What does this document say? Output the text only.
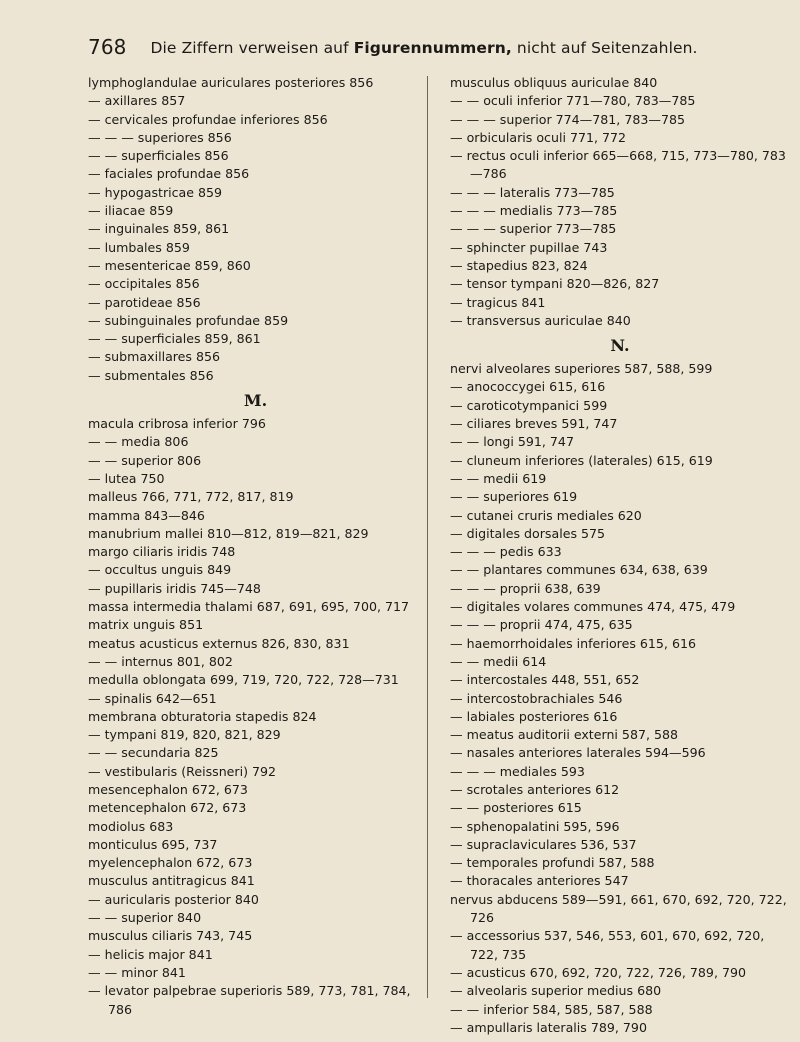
768 Die Ziffern verweisen auf Figurennummern, nicht auf Seitenzahlen.
lymphoglandulae auriculares posteriores 856
— axillares 857
— cervicales profundae inferiores 856
— — — superiores 856
— — superficiales 856
— faciales profundae 856
— hypogastricae 859
— iliacae 859
— inguinales 859, 861
— lumbales 859
— mesentericae 859, 860
— occipitales 856
— parotideae 856
— subinguinales profundae 859
— — superficiales 859, 861
— submaxillares 856
— submentales 856
M.
macula cribrosa inferior 796
— — media 806
— — superior 806
— lutea 750
malleus 766, 771, 772, 817, 819
mamma 843—846
manubrium mallei 810—812, 819—821, 829
margo ciliaris iridis 748
— occultus unguis 849
— pupillaris iridis 745—748
massa intermedia thalami 687, 691, 695, 700, 717
matrix unguis 851
meatus acusticus externus 826, 830, 831
— — internus 801, 802
medulla oblongata 699, 719, 720, 722, 728—731
— spinalis 642—651
membrana obturatoria stapedis 824
— tympani 819, 820, 821, 829
— — secundaria 825
— vestibularis (Reissneri) 792
mesencephalon 672, 673
metencephalon 672, 673
modiolus 683
monticulus 695, 737
myelencephalon 672, 673
musculus antitragicus 841
— auricularis posterior 840
— — superior 840
musculus ciliaris 743, 745
— helicis major 841
— — minor 841
— levator palpebrae superioris 589, 773, 781, 784, 786
musculus obliquus auriculae 840
— — oculi inferior 771—780, 783—785
— — — superior 774—781, 783—785
— orbicularis oculi 771, 772
— rectus oculi inferior 665—668, 715, 773—780, 783—786
— — — lateralis 773—785
— — — medialis 773—785
— — — superior 773—785
— sphincter pupillae 743
— stapedius 823, 824
— tensor tympani 820—826, 827
— tragicus 841
— transversus auriculae 840
N.
nervi alveolares superiores 587, 588, 599
— anococcygei 615, 616
— caroticotympanici 599
— ciliares breves 591, 747
— — longi 591, 747
— cluneum inferiores (laterales) 615, 619
— — medii 619
— — superiores 619
— cutanei cruris mediales 620
— digitales dorsales 575
— — — pedis 633
— — plantares communes 634, 638, 639
— — — proprii 638, 639
— digitales volares communes 474, 475, 479
— — — proprii 474, 475, 635
— haemorrhoidales inferiores 615, 616
— — medii 614
— intercostales 448, 551, 652
— intercostobrachiales 546
— labiales posteriores 616
— meatus auditorii externi 587, 588
— nasales anteriores laterales 594—596
— — — mediales 593
— scrotales anteriores 612
— — posteriores 615
— sphenopalatini 595, 596
— supraclaviculares 536, 537
— temporales profundi 587, 588
— thoracales anteriores 547
nervus abducens 589—591, 661, 670, 692, 720, 722, 726
— accessorius 537, 546, 553, 601, 670, 692, 720, 722, 735
— acusticus 670, 692, 720, 722, 726, 789, 790
— alveolaris superior medius 680
— — inferior 584, 585, 587, 588
— ampullaris lateralis 789, 790
